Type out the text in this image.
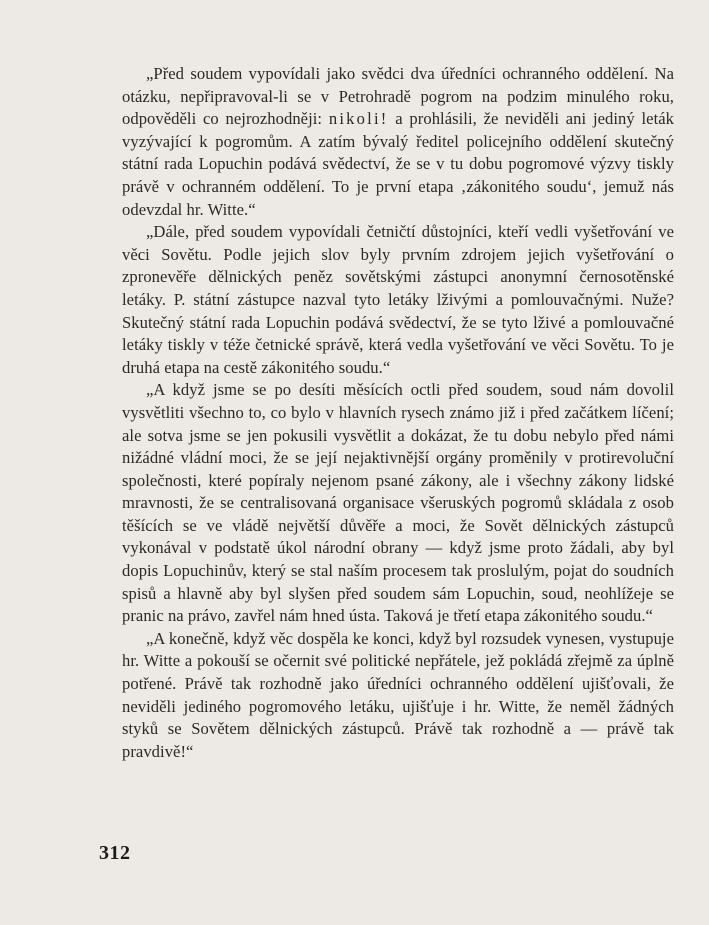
„Před soudem vypovídali jako svědci dva úředníci ochranného oddělení. Na otázku, nepřipravoval-li se v Petrohradě pogrom na podzim minulého roku, odpověděli co nejrozhodněji: nikoli! a prohlásili, že neviděli ani jediný leták vyzývající k pogromům. A zatím bývalý ředitel policejního oddělení skutečný státní rada Lopuchin podává svědectví, že se v tu dobu pogromové výzvy tiskly právě v ochranném oddělení. To je první etapa ‚zákonitého soudu‘, jemuž nás odevzdal hr. Witte.“

„Dále, před soudem vypovídali četničtí důstojníci, kteří vedli vyšetřování ve věci Sovětu. Podle jejich slov byly prvním zdrojem jejich vyšetřování o zpronevěře dělnických peněz sovětskými zástupci anonymní černosotěnské letáky. P. státní zástupce nazval tyto letáky lživými a pomlouvačnými. Nuže? Skutečný státní rada Lopuchin podává svědectví, že se tyto lživé a pomlouvačné letáky tiskly v téže četnické správě, která vedla vyšetřování ve věci Sovětu. To je druhá etapa na cestě zákonitého soudu.“

„A když jsme se po desíti měsících octli před soudem, soud nám dovolil vysvětliti všechno to, co bylo v hlavních rysech známo již i před začátkem líčení; ale sotva jsme se jen pokusili vysvětlit a dokázat, že tu dobu nebylo před námi nižádné vládní moci, že se její nejaktivnější orgány proměnily v protirevoluční společnosti, které popíraly nejenom psané zákony, ale i všechny zákony lidské mravnosti, že se centralisovaná organisace všeruských pogromů skládala z osob těšících se ve vládě největší důvěře a moci, že Sovět dělnických zástupců vykonával v podstatě úkol národní obrany — když jsme proto žádali, aby byl dopis Lopuchinův, který se stal naším procesem tak proslulým, pojat do soudních spisů a hlavně aby byl slyšen před soudem sám Lopuchin, soud, neohlížeje se pranic na právo, zavřel nám hned ústa. Taková je třetí etapa zákonitého soudu.“

„A konečně, když věc dospěla ke konci, když byl rozsudek vynesen, vystupuje hr. Witte a pokouší se očernit své politické nepřátele, jež pokládá zřejmě za úplně potřené. Právě tak rozhodně jako úředníci ochranného oddělení ujišťovali, že neviděli jediného pogromového letáku, ujišťuje i hr. Witte, že neměl žádných styků se Sovětem dělnických zástupců. Právě tak rozhodně a — právě tak pravdivě!“

312
